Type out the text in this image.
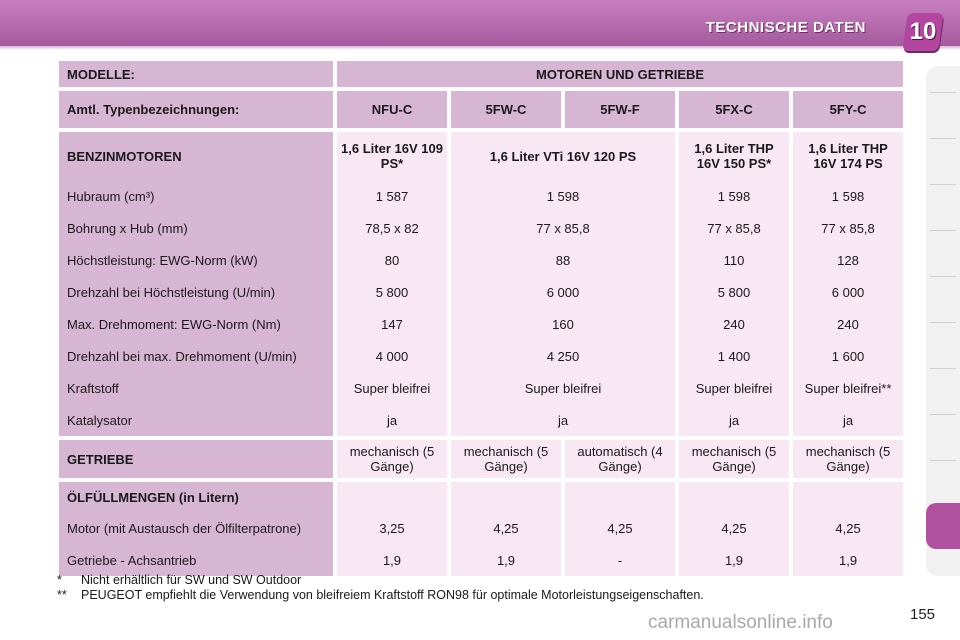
TECHNISCHE DATEN 10
MODELLE:	MOTOREN UND GETRIEBE				

Amtl. Typenbezeichnungen:	NFU-C	5FW-C	5FW-F	5FX-C	5FY-C

BENZINMOTOREN	1,6 Liter 16V 109 PS*	1,6 Liter VTi 16V 120 PS		1,6 Liter THP 16V 150 PS*	1,6 Liter THP 16V 174 PS
Hubraum (cm³)	1 587	1 598		1 598	1 598
Bohrung x Hub (mm)	78,5 x 82	77 x 85,8		77 x 85,8	77 x 85,8
Höchstleistung: EWG-Norm (kW)	80	88		110	128
Drehzahl bei Höchstleistung (U/min)	5 800	6 000		5 800	6 000
Max. Drehmoment: EWG-Norm (Nm)	147	160		240	240
Drehzahl bei max. Drehmoment (U/min)	4 000	4 250		1 400	1 600
Kraftstoff	Super bleifrei	Super bleifrei		Super bleifrei	Super bleifrei**
Katalysator	ja	ja		ja	ja

GETRIEBE	mechanisch (5 Gänge)	mechanisch (5 Gänge)	automatisch (4 Gänge)	mechanisch (5 Gänge)	mechanisch (5 Gänge)

ÖLFÜLLMENGEN (in Litern)					
Motor (mit Austausch der Ölfilterpatrone)	3,25	4,25	4,25	4,25	4,25
Getriebe - Achsantrieb	1,9	1,9	-	1,9	1,9
* Nicht erhältlich für SW und SW Outdoor
** PEUGEOT empfiehlt die Verwendung von bleifreiem Kraftstoff RON98 für optimale Motorleistungseigenschaften.
155
carmanualsonline.info
